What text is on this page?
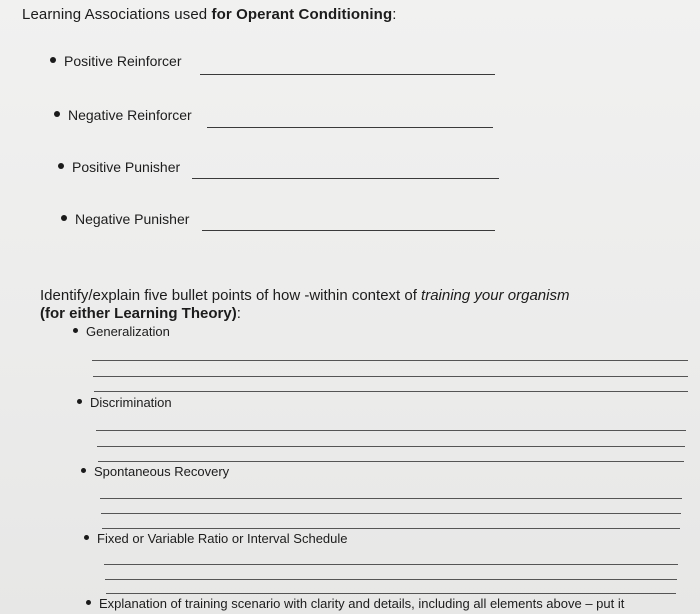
Learning Associations used for Operant Conditioning:
Positive Reinforcer
Negative Reinforcer
Positive Punisher
Negative Punisher
Identify/explain five bullet points of how -within context of training your organism
(for either Learning Theory):
Generalization
Discrimination
Spontaneous Recovery
Fixed or Variable Ratio or Interval Schedule
Explanation of training scenario with clarity and details, including all elements above – put it
